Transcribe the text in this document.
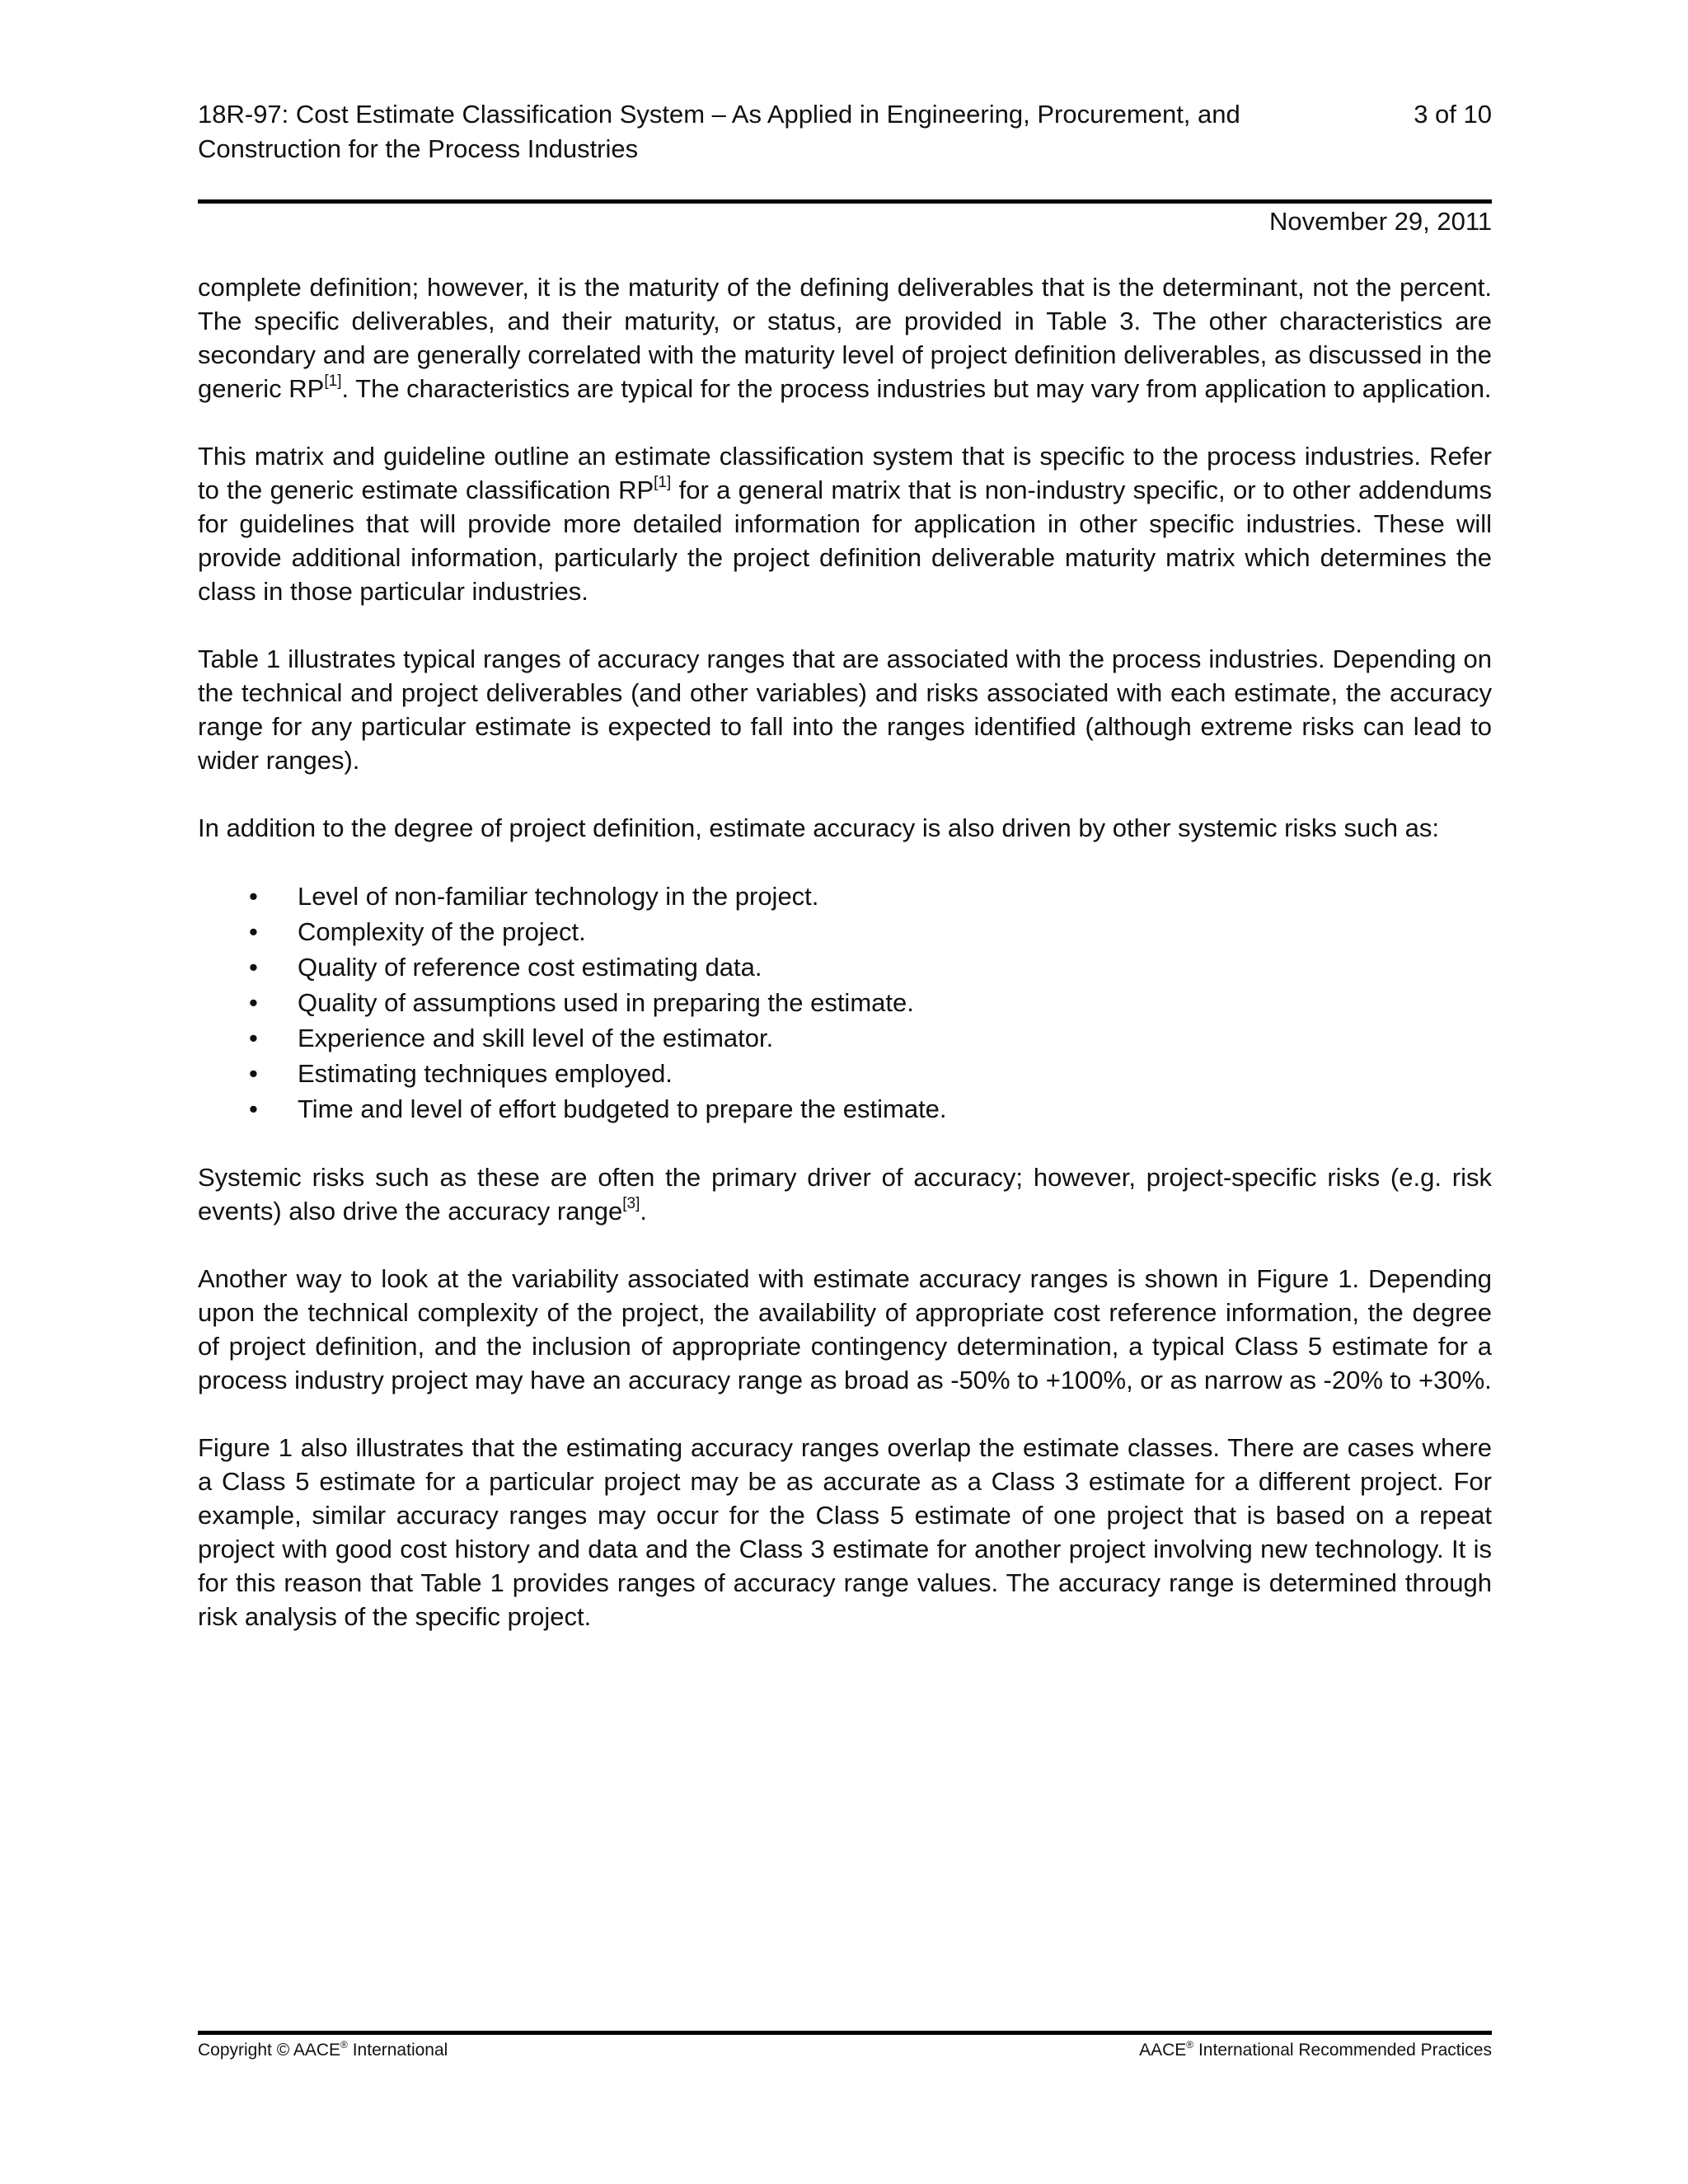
18R-97: Cost Estimate Classification System – As Applied in Engineering, Procurement, and
Construction for the Process Industries
3 of 10
November 29, 2011

complete definition; however, it is the maturity of the defining deliverables that is the determinant, not the percent. The specific deliverables, and their maturity, or status, are provided in Table 3. The other characteristics are secondary and are generally correlated with the maturity level of project definition deliverables, as discussed in the generic RP[1]. The characteristics are typical for the process industries but may vary from application to application.

This matrix and guideline outline an estimate classification system that is specific to the process industries. Refer to the generic estimate classification RP[1] for a general matrix that is non-industry specific, or to other addendums for guidelines that will provide more detailed information for application in other specific industries. These will provide additional information, particularly the project definition deliverable maturity matrix which determines the class in those particular industries.

Table 1 illustrates typical ranges of accuracy ranges that are associated with the process industries. Depending on the technical and project deliverables (and other variables) and risks associated with each estimate, the accuracy range for any particular estimate is expected to fall into the ranges identified (although extreme risks can lead to wider ranges).

In addition to the degree of project definition, estimate accuracy is also driven by other systemic risks such as:

• Level of non-familiar technology in the project.
• Complexity of the project.
• Quality of reference cost estimating data.
• Quality of assumptions used in preparing the estimate.
• Experience and skill level of the estimator.
• Estimating techniques employed.
• Time and level of effort budgeted to prepare the estimate.

Systemic risks such as these are often the primary driver of accuracy; however, project-specific risks (e.g. risk events) also drive the accuracy range[3].

Another way to look at the variability associated with estimate accuracy ranges is shown in Figure 1. Depending upon the technical complexity of the project, the availability of appropriate cost reference information, the degree of project definition, and the inclusion of appropriate contingency determination, a typical Class 5 estimate for a process industry project may have an accuracy range as broad as -50% to +100%, or as narrow as -20% to +30%.

Figure 1 also illustrates that the estimating accuracy ranges overlap the estimate classes. There are cases where a Class 5 estimate for a particular project may be as accurate as a Class 3 estimate for a different project. For example, similar accuracy ranges may occur for the Class 5 estimate of one project that is based on a repeat project with good cost history and data and the Class 3 estimate for another project involving new technology. It is for this reason that Table 1 provides ranges of accuracy range values. The accuracy range is determined through risk analysis of the specific project.

Copyright © AACE® International	AACE® International Recommended Practices
